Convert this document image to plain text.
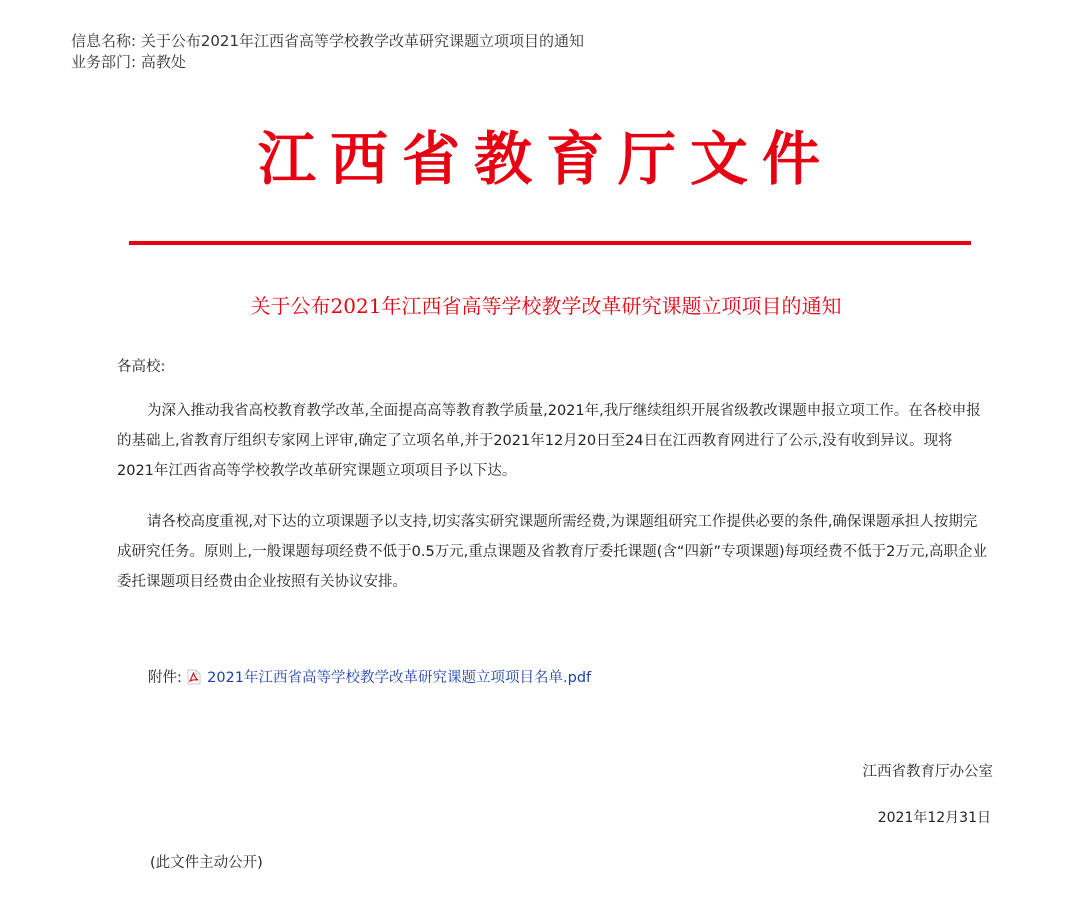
信息名称: 关于公布2021年江西省高等学校教学改革研究课题立项项目的通知
业务部门: 高教处
江西省教育厅文件
关于公布2021年江西省高等学校教学改革研究课题立项项目的通知
各高校:
为深入推动我省高校教育教学改革,全面提高高等教育教学质量,2021年,我厅继续组织开展省级教改课题申报立项工作。在各校申报的基础上,省教育厅组织专家网上评审,确定了立项名单,并于2021年12月20日至24日在江西教育网进行了公示,没有收到异议。现将2021年江西省高等学校教学改革研究课题立项项目予以下达。
请各校高度重视,对下达的立项课题予以支持,切实落实研究课题所需经费,为课题组研究工作提供必要的条件,确保课题承担人按期完成研究任务。原则上,一般课题每项经费不低于0.5万元,重点课题及省教育厅委托课题(含“四新”专项课题)每项经费不低于2万元,高职企业委托课题项目经费由企业按照有关协议安排。
附件: 2021年江西省高等学校教学改革研究课题立项项目名单.pdf
江西省教育厅办公室
2021年12月31日
(此文件主动公开)
